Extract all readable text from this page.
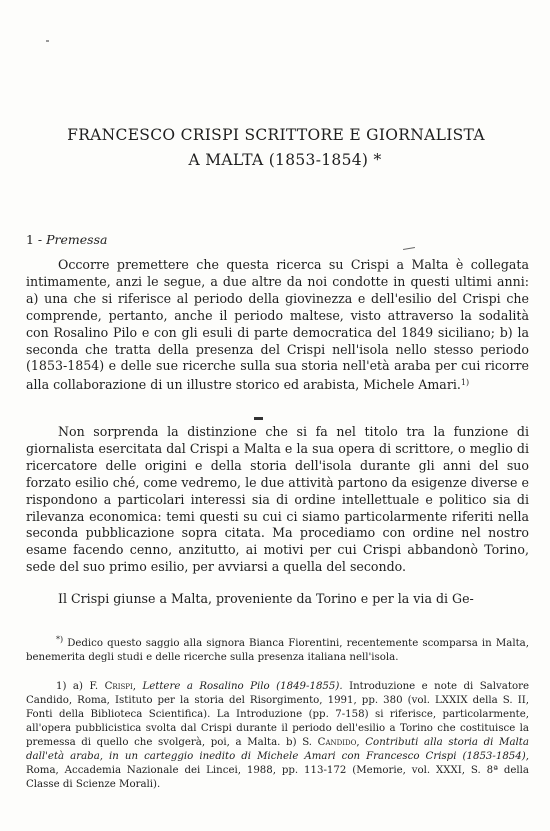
FRANCESCO CRISPI SCRITTORE E GIORNALISTA
A MALTA (1853-1854) *
1 - Premessa

Occorre premettere che questa ricerca su Crispi a Malta è collegata intimamente, anzi le segue, a due altre da noi condotte in questi ultimi anni: a) una che si riferisce al periodo della giovinezza e dell'esilio del Crispi che comprende, pertanto, anche il periodo maltese, visto attraverso la sodalità con Rosalino Pilo e con gli esuli di parte democratica del 1849 siciliano; b) la seconda che tratta della presenza del Crispi nell'isola nello stesso periodo (1853-1854) e delle sue ricerche sulla sua storia nell'età araba per cui ricorre alla collaborazione di un illustre storico ed arabista, Michele Amari.$^{1)}$

Non sorprenda la distinzione che si fa nel titolo tra la funzione di giornalista esercitata dal Crispi a Malta e la sua opera di scrittore, o meglio di ricercatore delle origini e della storia dell'isola durante gli anni del suo forzato esilio ché, come vedremo, le due attività partono da esigenze diverse e rispondono a particolari interessi sia di ordine intellettuale e politico sia di rilevanza economica: temi questi su cui ci siamo particolarmente riferiti nella seconda pubblicazione sopra citata. Ma procediamo con ordine nel nostro esame facendo cenno, anzitutto, ai motivi per cui Crispi abbandonò Torino, sede del suo primo esilio, per avviarsi a quella del secondo.

Il Crispi giunse a Malta, proveniente da Torino e per la via di Ge-

*) Dedico questo saggio alla signora Bianca Fiorentini, recentemente scomparsa in Malta, benemerita degli studi e delle ricerche sulla presenza italiana nell'isola.

1) a) F. Crispi, Lettere a Rosalino Pilo (1849-1855). Introduzione e note di Salvatore Candido, Roma, Istituto per la storia del Risorgimento, 1991, pp. 380 (vol. LXXIX della S. II, Fonti della Biblioteca Scientifica). La Introduzione (pp. 7-158) si riferisce, particolarmente, all'opera pubblicistica svolta dal Crispi durante il periodo dell'esilio a Torino che costituisce la premessa di quello che svolgerà, poi, a Malta. b) S. Candido, Contributi alla storia di Malta dall'età araba, in un carteggio inedito di Michele Amari con Francesco Crispi (1853-1854), Roma, Accademia Nazionale dei Lincei, 1988, pp. 113-172 (Memorie, vol. XXXI, S. 8ª della Classe di Scienze Morali).
